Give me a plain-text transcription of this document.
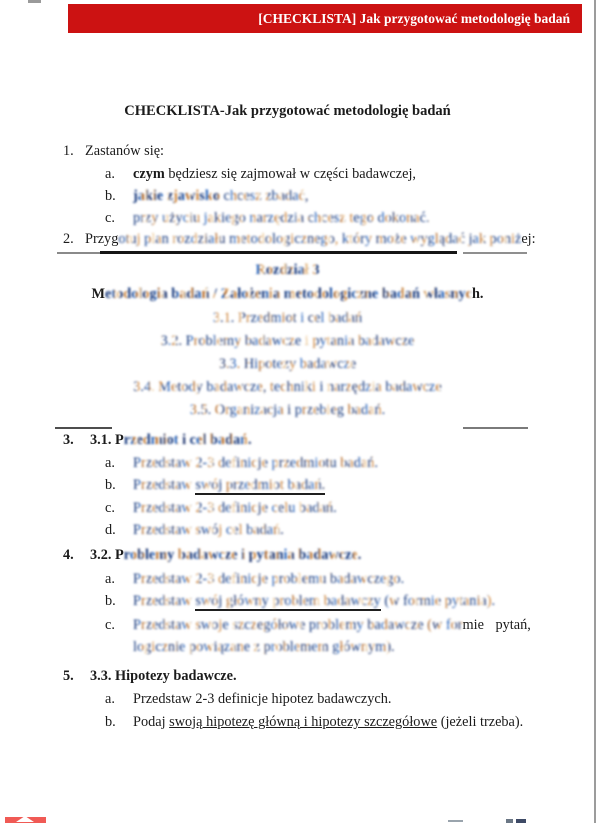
[CHECKLISTA] Jak przygotować metodologię badań
CHECKLISTA-Jak przygotować metodologię badań
1. Zastanów się:
a. czym będziesz się zajmował w części badawczej,
b. jakie zjawisko chcesz zbadać,
c. przy użyciu jakiego narzędzia chcesz tego dokonać.
2. Przygotuj plan rozdziału metodologicznego, który może wyglądać jak poniżej:
Rozdział 3
Metodologia badań / Założenia metodologiczne badań własnych.
3.1. Przedmiot i cel badań
3.2. Problemy badawcze i pytania badawcze
3.3. Hipotezy badawcze
3.4. Metody badawcze, techniki i narzędzia badawcze
3.5. Organizacja i przebieg badań.
3. 3.1. Przedmiot i cel badań.
a. Przedstaw 2-3 definicje przedmiotu badań.
b. Przedstaw swój przedmiot badań.
c. Przedstaw 2-3 definicje celu badań.
d. Przedstaw swój cel badań.
4. 3.2. Problemy badawcze i pytania badawcze.
a. Przedstaw 2-3 definicje problemu badawczego.
b. Przedstaw swój główny problem badawczy (w formie pytania).
c. Przedstaw swoje szczegółowe problemy badawcze (w formie pytań,
logicznie powiązane z problemem głównym).
5. 3.3. Hipotezy badawcze.
a. Przedstaw 2-3 definicje hipotez badawczych.
b. Podaj swoją hipotezę główną i hipotezy szczegółowe (jeżeli trzeba).
